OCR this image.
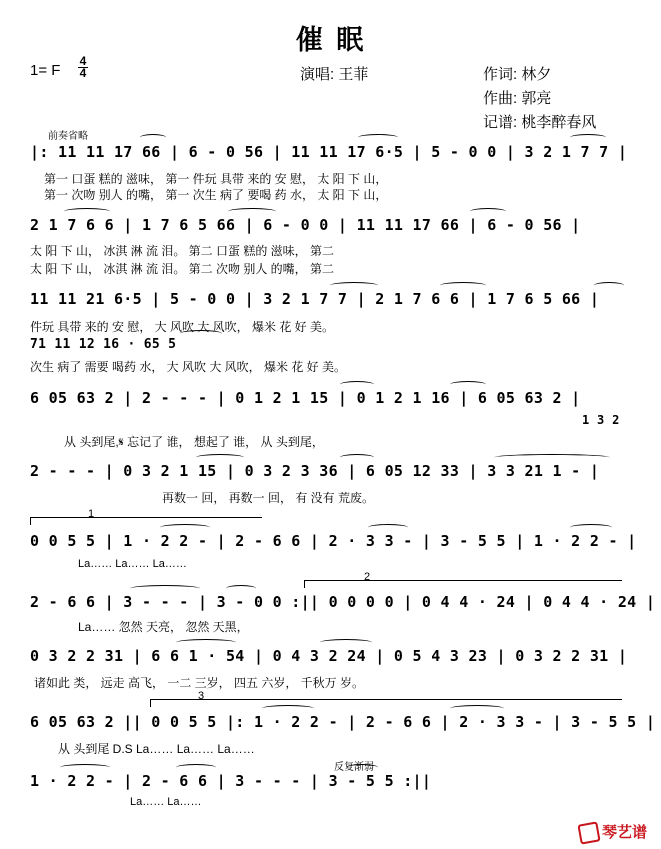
催 眠
1= F
4
4	演唱: 王菲	作词: 林夕
作曲: 郭亮
记谱: 桃李醉春风
前奏省略
|: 11 11 17 66 | 6 - 0 56 | 11 11 17 6·5 | 5 - 0 0 | 3 2 1 7 7 |
第一 口蛋 糕的 滋味， 第一 件玩 具带 来的 安 慰， 太 阳 下 山，
第一 次吻 别人 的嘴， 第一 次生 病了 要喝 药 水， 太 阳 下 山，
2 1 7 6 6 | 1 7 6 5 66 | 6 - 0 0 | 11 11 17 66 | 6 - 0 56 |
太 阳 下 山， 冰淇 淋 流 泪。 第二 口蛋 糕的 滋味， 第二
太 阳 下 山， 冰淇 淋 流 泪。 第二 次吻 别人 的嘴， 第二
11 11 21 6·5 | 5 - 0 0 | 3 2 1 7 7 | 2 1 7 6 6 | 1 7 6 5 66 |
件玩 具带 来的 安 慰， 大 风吹 大 风吹， 爆米 花 好 美。
71 11 12 16 · 65 5
次生 病了 需要 喝药 水， 大 风吹 大 风吹， 爆米 花 好 美。
6 05 63 2 | 2 - - - | 0 1 2 1 15 | 0 1 2 1 16 | 6 05 63 2 |
1 3 2
从 头到尾,𝄋 忘记了 谁， 想起了 谁， 从 头到尾，
2 - - - | 0 3 2 1 15 | 0 3 2 3 36 | 6 05 12 33 | 3 3 21 1 - |
再数一 回， 再数一 回， 有 没有 荒废。
1
0 0 5 5 | 1 · 2 2 - | 2 - 6 6 | 2 · 3 3 - | 3 - 5 5 | 1 · 2 2 - |
La…… La…… La……
2
2 - 6 6 | 3 - - - | 3 - 0 0 :|| 0 0 0 0 | 0 4 4 · 24 | 0 4 4 · 24 |
La…… 忽然 天亮， 忽然 天黑，
0 3 2 2 31 | 6 6 1 · 54 | 0 4 3 2 24 | 0 5 4 3 23 | 0 3 2 2 31 |
诸如此 类， 远走 高飞， 一二 三岁， 四五 六岁， 千秋万 岁。
3
6 05 63 2 || 0 0 5 5 |: 1 · 2 2 - | 2 - 6 6 | 2 · 3 3 - | 3 - 5 5 |
从 头到尾 D.S La…… La…… La……
反复渐弱
1 · 2 2 - | 2 - 6 6 | 3 - - - | 3 - 5 5 :||
La…… La……
琴艺谱
